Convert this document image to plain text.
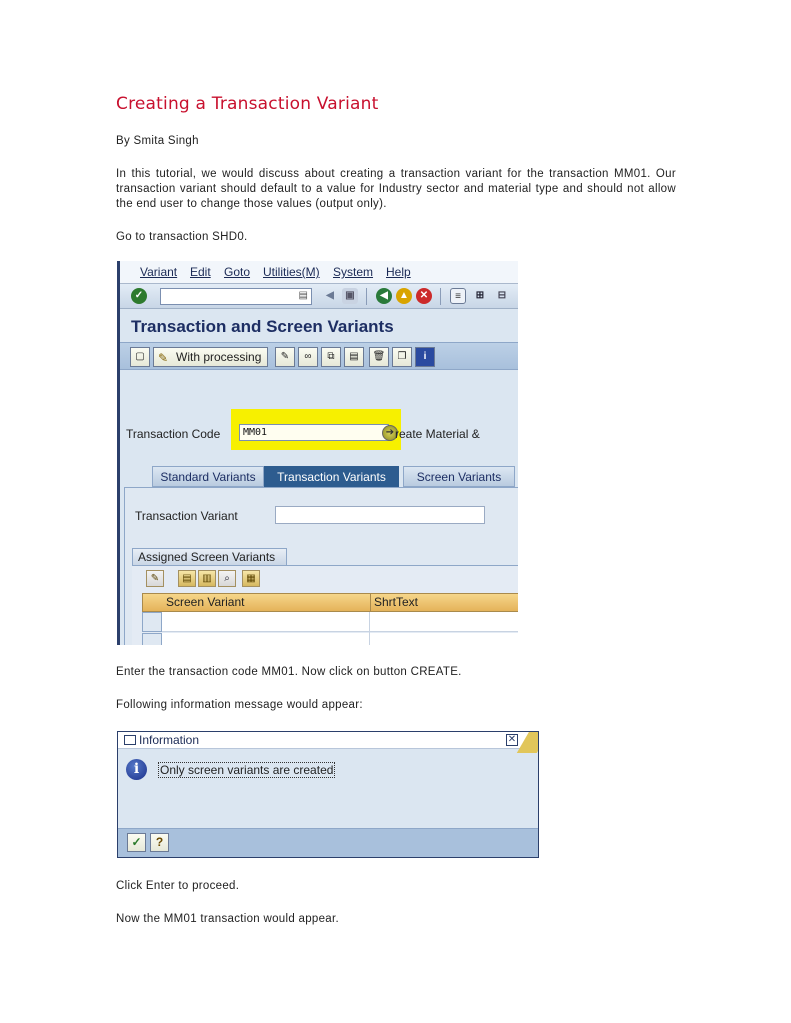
Creating a Transaction Variant
By Smita Singh
In this tutorial, we would discuss about creating a transaction variant for the transaction MM01. Our transaction variant should default to a value for Industry sector and material type and should not allow the end user to change those values (output only).
Go to transaction SHD0.
Variant Edit Goto Utilities(M) System Help
✓	▤	◀	▣	◀	▲	✕	≡	⊞	⊟
Transaction and Screen Variants
▢	✎ With processing	✎	∞	⧉	▤	🗑	❐	i
Transaction Code	MM01	➔ reate Material &
Standard Variants	Transaction Variants	Screen Variants
Transaction Variant
Assigned Screen Variants
✎	▤	▥	⌕	▦
Screen Variant	ShrtText
Enter the transaction code MM01. Now click on button CREATE.
Following information message would appear:
Information	✕
i	Only screen variants are created
✓	?
Click Enter to proceed.
Now the MM01 transaction would appear.
